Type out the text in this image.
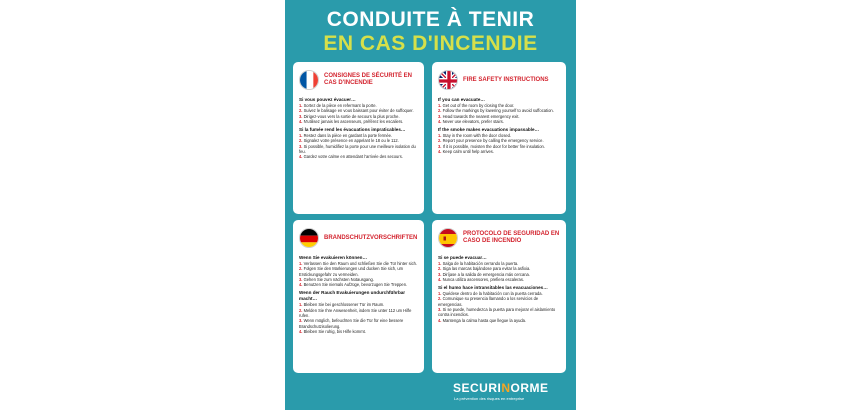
CONDUITE À TENIR
EN CAS D'INCENDIE
CONSIGNES DE SÉCURITÉ EN CAS D'INCENDIE
Si vous pouvez évacuer…
1. Sortez de la pièce en refermant la porte.
2. Suivez le balisage en vous baissant pour éviter de suffoquer.
3. Dirigez-vous vers la sortie de secours la plus proche.
4. N'utilisez jamais les ascenseurs, préférez les escaliers.
Si la fumée rend les évacuations impraticables…
1. Restez dans la pièce en gardant la porte fermée.
2. Signalez votre présence en appelant le 18 ou le 112.
3. Si possible, humidifiez la porte pour une meilleure isolation du feu.
4. Gardez votre calme en attendant l'arrivée des secours.
FIRE SAFETY INSTRUCTIONS
If you can evacuate…
1. Get out of the room by closing the door.
2. Follow the markings by lowering yourself to avoid suffocation.
3. Head towards the nearest emergency exit.
4. Never use elevators, prefer stairs.
If the smoke makes evacuations impassable…
1. Stay in the room with the door closed.
2. Report your presence by calling the emergency service.
3. If it is possible, moisten the door for better fire insulation.
4. Keep calm until help arrives.
BRANDSCHUTZVORSCHRIFTEN
Wenn Sie evakuieren können…
1. Verlassen Sie den Raum und schließen Sie die Tür hinter sich.
2. Folgen Sie den Markierungen und ducken Sie sich, um Erstickungsgefahr zu vermeiden.
3. Gehen Sie zum nächsten Notausgang.
4. Benutzen Sie niemals Aufzüge, bevorzugen Sie Treppen.
Wenn der Rauch Evakuierungen undurchführbar macht…
1. Bleiben Sie bei geschlossener Tür im Raum.
2. Melden Sie Ihre Anwesenheit, indem Sie unter 112 um Hilfe rufen.
3. Wenn möglich, befeuchten Sie die Tür für eine bessere Brandschutzisolierung.
4. Bleiben Sie ruhig, bis Hilfe kommt.
PROTOCOLO DE SEGURIDAD EN CASO DE INCENDIO
Si se puede evacuar…
1. Salga de la habitación cerrando la puerta.
2. Siga las marcas bajándose para evitar la asfixia.
3. Diríjase a la salida de emergencia más cercana.
4. Nunca utiliza ascensores, prefiera escaleras.
Si el humo hace intransitables las evacuaciones…
1. Quédese dentro de la habitación con la puerta cerrada.
2. Comunique su presencia llamando a los servicios de emergencias.
3. Si se puede, humedezca la puerta para mejorar el aislamiento contra incendios.
4. Mantenga la calma hasta que llegue la ayuda.
SECURINORME
La prévention des risques en entreprise
